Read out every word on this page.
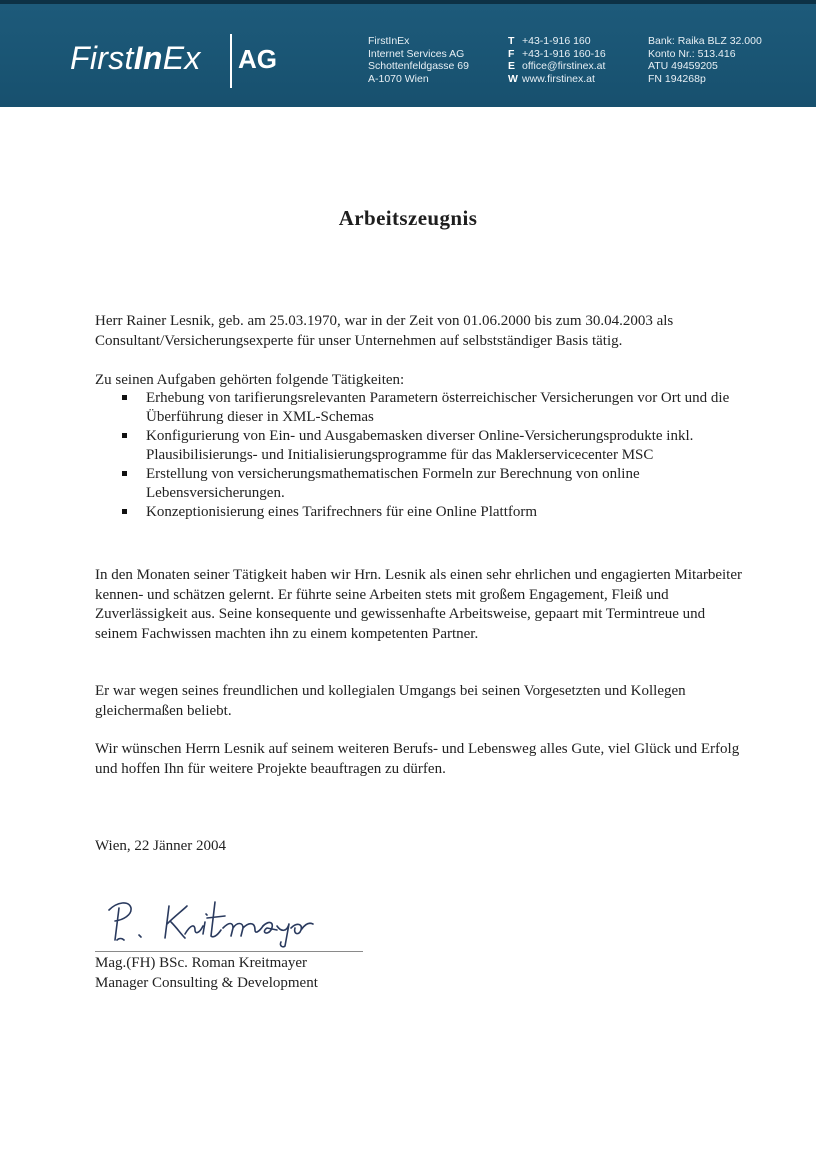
FirstInEx AG
FirstInEx
Internet Services AG
Schottenfeldgasse 69
A-1070 Wien
T +43-1-916 160
F +43-1-916 160-16
E office@firstinex.at
W www.firstinex.at
Bank: Raika BLZ 32.000
Konto Nr.: 513.416
ATU 49459205
FN 194268p
Arbeitszeugnis
Herr Rainer Lesnik, geb. am 25.03.1970, war in der Zeit von 01.06.2000 bis zum 30.04.2003 als Consultant/Versicherungsexperte für unser Unternehmen auf selbstständiger Basis tätig.
Zu seinen Aufgaben gehörten folgende Tätigkeiten:
Erhebung von tarifierungsrelevanten Parametern österreichischer Versicherungen vor Ort und die Überführung dieser in XML-Schemas
Konfigurierung von Ein- und Ausgabemasken diverser Online-Versicherungsprodukte inkl. Plausibilisierungs- und Initialisierungsprogramme für das Maklerservicecenter MSC
Erstellung von versicherungsmathematischen Formeln zur Berechnung von online Lebensversicherungen.
Konzeptionisierung eines Tarifrechners für eine Online Plattform
In den Monaten seiner Tätigkeit haben wir Hrn. Lesnik als einen sehr ehrlichen und engagierten Mitarbeiter kennen- und schätzen gelernt. Er führte seine Arbeiten stets mit großem Engagement, Fleiß und Zuverlässigkeit aus. Seine konsequente und gewissenhafte Arbeitsweise, gepaart mit Termintreue und seinem Fachwissen machten ihn zu einem kompetenten Partner.
Er war wegen seines freundlichen und kollegialen Umgangs bei seinen Vorgesetzten und Kollegen gleichermaßen beliebt.
Wir wünschen Herrn Lesnik auf seinem weiteren Berufs- und Lebensweg alles Gute, viel Glück und Erfolg und hoffen Ihn für weitere Projekte beauftragen zu dürfen.
Wien, 22 Jänner 2004
Mag.(FH) BSc. Roman Kreitmayer
Manager Consulting & Development
